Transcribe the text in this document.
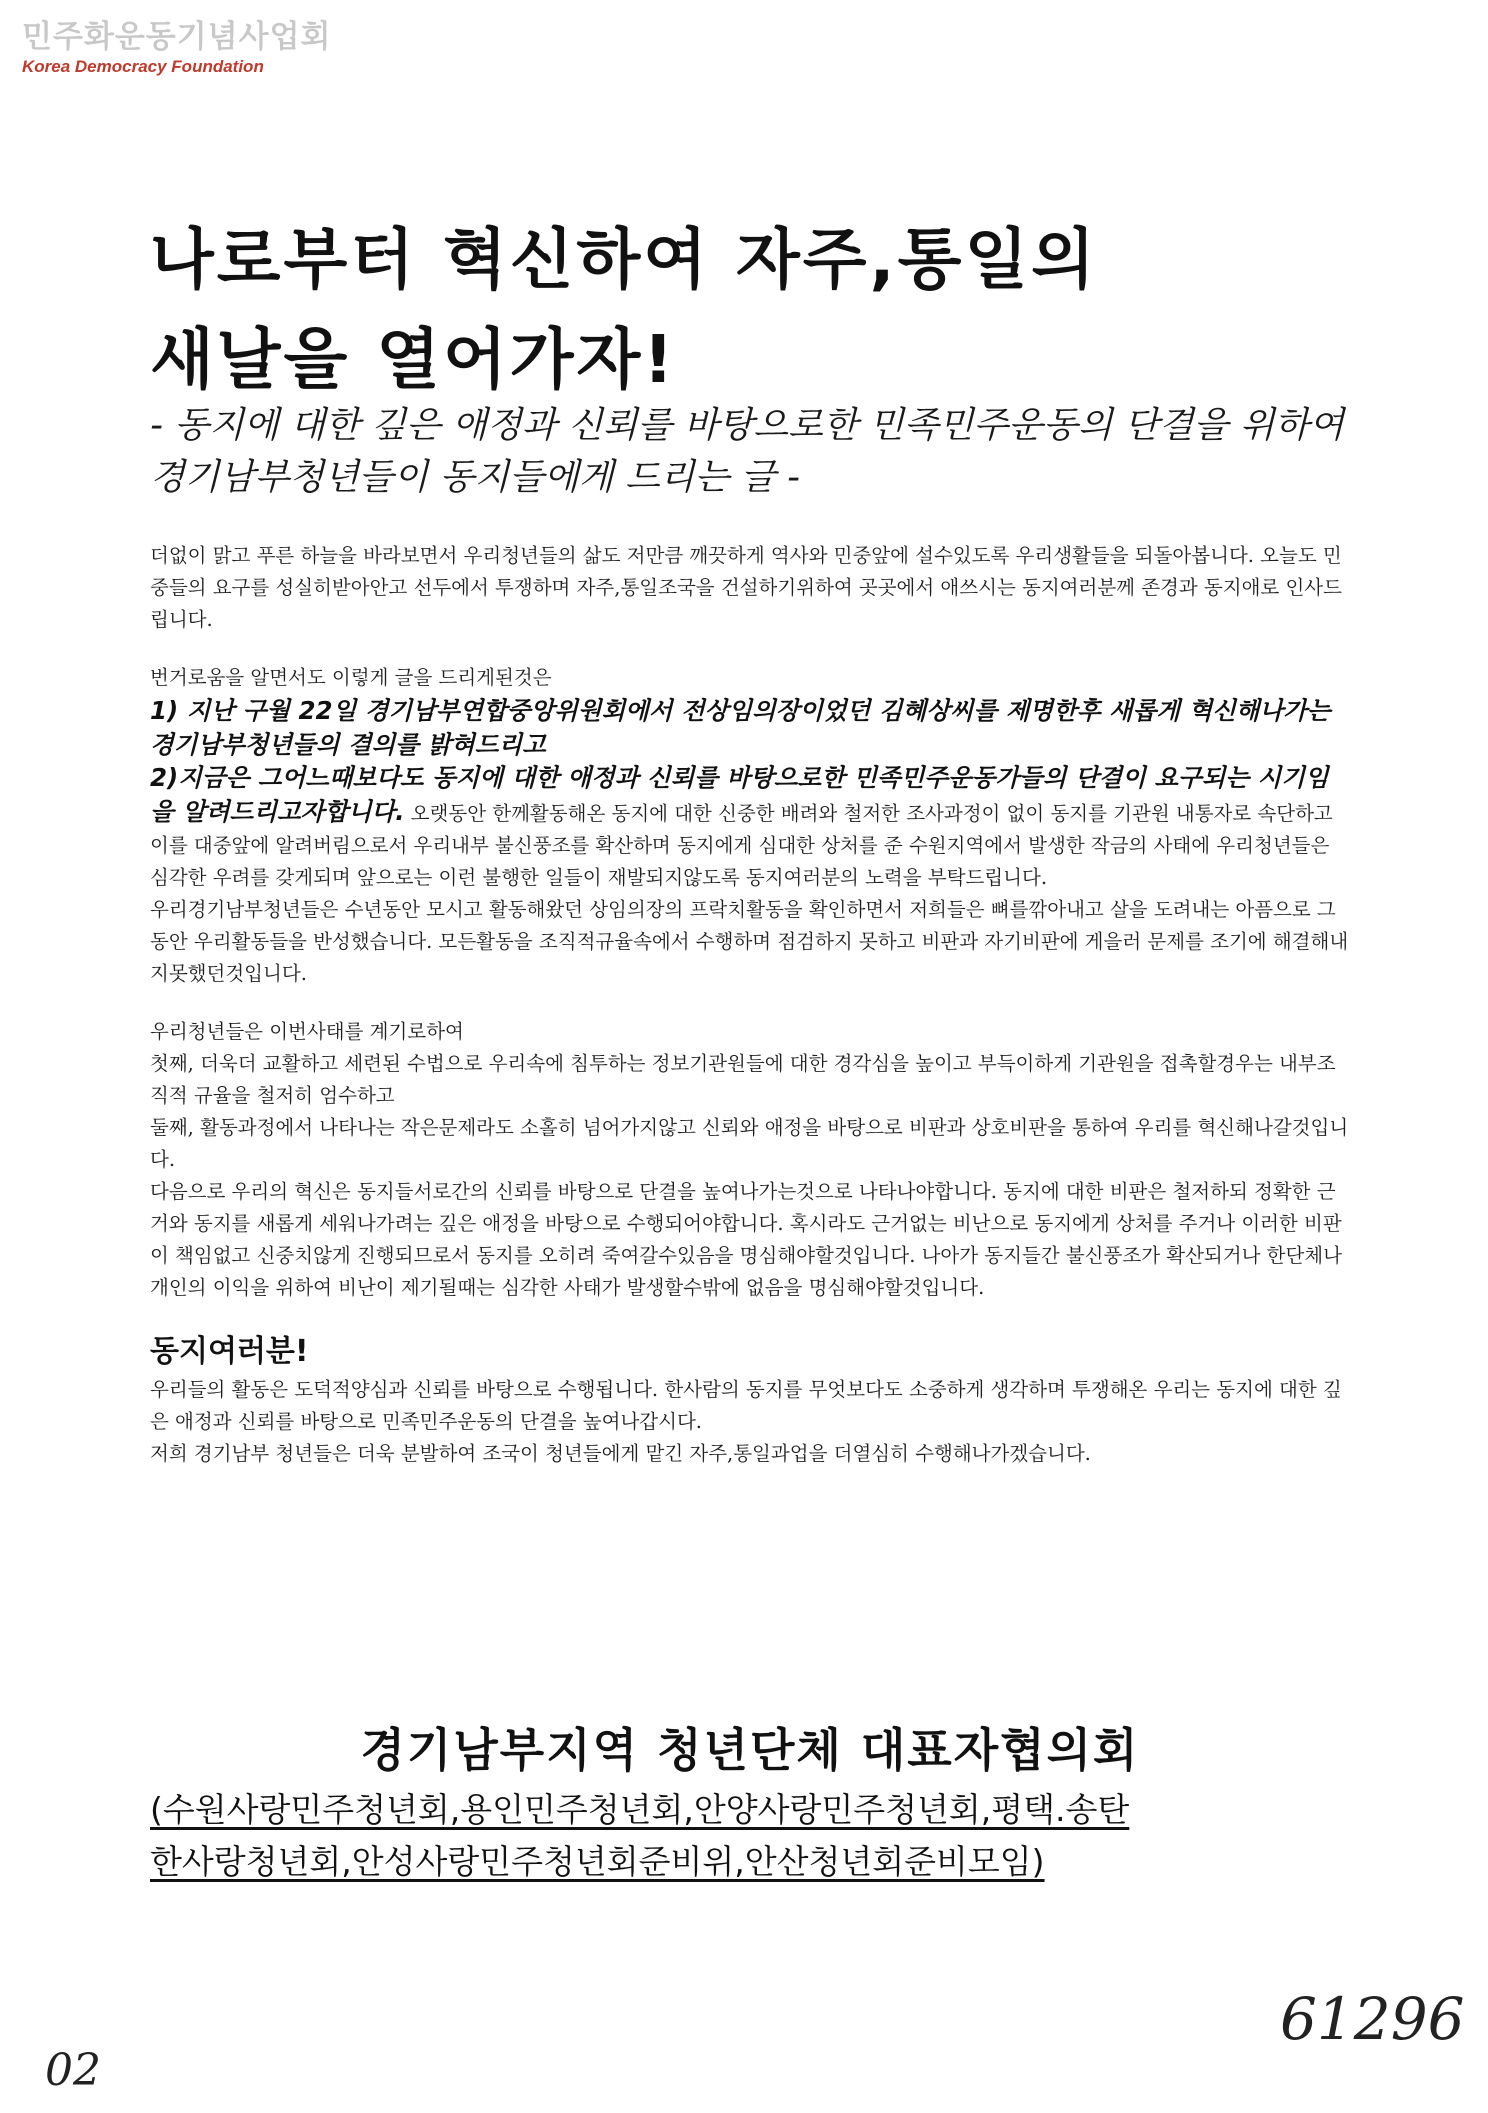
민주화운동기념사업회
Korea Democracy Foundation
나로부터 혁신하여 자주,통일의
새날을 열어가자!

- 동지에 대한 깊은 애정과 신뢰를 바탕으로한 민족민주운동의 단결을 위하여 경기남부청년들이 동지들에게 드리는 글 -

더없이 맑고 푸른 하늘을 바라보면서 우리청년들의 삶도 저만큼 깨끗하게 역사와 민중앞에 설수있도록 우리생활들을 되돌아봅니다. 오늘도 민중들의 요구를 성실히받아안고 선두에서 투쟁하며 자주,통일조국을 건설하기위하여 곳곳에서 애쓰시는 동지여러분께 존경과 동지애로 인사드립니다.

번거로움을 알면서도 이렇게 글을 드리게된것은

1) 지난 구월 22일 경기남부연합중앙위원회에서 전상임의장이었던 김혜상씨를 제명한후 새롭게 혁신해나가는 경기남부청년들의 결의를 밝혀드리고

2)지금은 그어느때보다도 동지에 대한 애정과 신뢰를 바탕으로한 민족민주운동가들의 단결이 요구되는 시기임을 알려드리고자합니다. 오랫동안 한께활동해온 동지에 대한 신중한 배려와 철저한 조사과정이 없이 동지를 기관원 내통자로 속단하고 이를 대중앞에 알려버림으로서 우리내부 불신풍조를 확산하며 동지에게 심대한 상처를 준 수원지역에서 발생한 작금의 사태에 우리청년들은 심각한 우려를 갖게되며 앞으로는 이런 불행한 일들이 재발되지않도록 동지여러분의 노력을 부탁드립니다.

우리경기남부청년들은 수년동안 모시고 활동해왔던 상임의장의 프락치활동을 확인하면서 저희들은 뼈를깎아내고 살을 도려내는 아픔으로 그동안 우리활동들을 반성했습니다. 모든활동을 조직적규율속에서 수행하며 점검하지 못하고 비판과 자기비판에 게을러 문제를 조기에 해결해내지못했던것입니다.

우리청년들은 이번사태를 계기로하여

첫째, 더욱더 교활하고 세련된 수법으로 우리속에 침투하는 정보기관원들에 대한 경각심을 높이고 부득이하게 기관원을 접촉할경우는 내부조직적 규율을 철저히 엄수하고

둘째, 활동과정에서 나타나는 작은문제라도 소홀히 넘어가지않고 신뢰와 애정을 바탕으로 비판과 상호비판을 통하여 우리를 혁신해나갈것입니다.

다음으로 우리의 혁신은 동지들서로간의 신뢰를 바탕으로 단결을 높여나가는것으로 나타나야합니다. 동지에 대한 비판은 철저하되 정확한 근거와 동지를 새롭게 세워나가려는 깊은 애정을 바탕으로 수행되어야합니다. 혹시라도 근거없는 비난으로 동지에게 상처를 주거나 이러한 비판이 책임없고 신중치않게 진행되므로서 동지를 오히려 죽여갈수있음을 명심해야할것입니다. 나아가 동지들간 불신풍조가 확산되거나 한단체나 개인의 이익을 위하여 비난이 제기될때는 심각한 사태가 발생할수밖에 없음을 명심해야할것입니다.

동지여러분!

우리들의 활동은 도덕적양심과 신뢰를 바탕으로 수행됩니다. 한사람의 동지를 무엇보다도 소중하게 생각하며 투쟁해온 우리는 동지에 대한 깊은 애정과 신뢰를 바탕으로 민족민주운동의 단결을 높여나갑시다.

저희 경기남부 청년들은 더욱 분발하여 조국이 청년들에게 맡긴 자주,통일과업을 더열심히 수행해나가겠습니다.

경기남부지역 청년단체 대표자협의회

(수원사랑민주청년회,용인민주청년회,안양사랑민주청년회,평택.송탄
한사랑청년회,안성사랑민주청년회준비위,안산청년회준비모임)

61296
02
